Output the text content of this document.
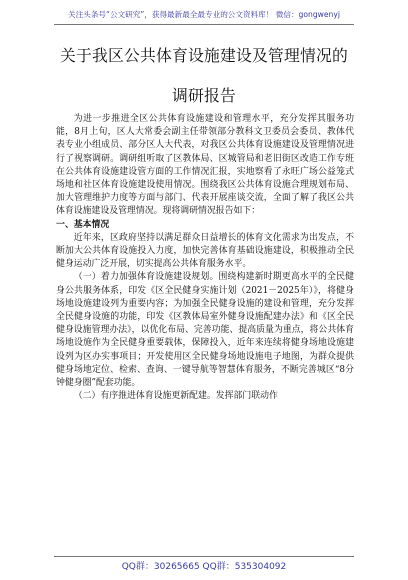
关注头条号“公文研究”，获得最新最全最专业的公文资料库！ 微信：gongwenyj
关于我区公共体育设施建设及管理情况的
调研报告

为进一步推进全区公共体育设施建设和管理水平，充分发挥其服务功能，8月上旬，区人大常委会副主任带领部分教科文卫委员会委员、教体代表专业小组成员、部分区人大代表，对我区公共体育设施建设及管理情况进行了视察调研。调研组听取了区教体局、区城管局和老旧街区改造工作专班在公共体育设施建设管方面的工作情况汇报，实地察看了永旺广场公益笼式场地和社区体育设施建设使用情况。围绕我区公共体育设施合理规划布局、加大管理维护力度等方面与部门、代表开展座谈交流，全面了解了我区公共体育设施建设及管理情况。现将调研情况报告如下：

一、基本情况

近年来，区政府坚持以满足群众日益增长的体育文化需求为出发点，不断加大公共体育设施投入力度，加快完善体育基础设施建设，积极推动全民健身运动广泛开展，切实提高公共体育服务水平。

（一）着力加强体育设施建设规划。围绕构建新时期更高水平的全民健身公共服务体系，印发《区全民健身实施计划（2021－2025年）》，将健身场地设施建设列为重要内容；为加强全民健身设施的建设和管理，充分发挥全民健身设施的功能，印发《区教体局室外健身设施配建办法》和《区全民健身设施管理办法》，以优化布局、完善功能、提高质量为重点，将公共体育场地设施作为全民健身重要载体，保障投入，近年来连续将健身场地设施建设列为区办实事项目；开发使用区全民健身场地设施电子地图，为群众提供健身场地定位、检索、查询、一键导航等智慧体育服务，不断完善城区“8分钟健身圈”配套功能。

（二）有序推进体育设施更新配建。发挥部门联动作

QQ群：30265665 QQ群：535304092
